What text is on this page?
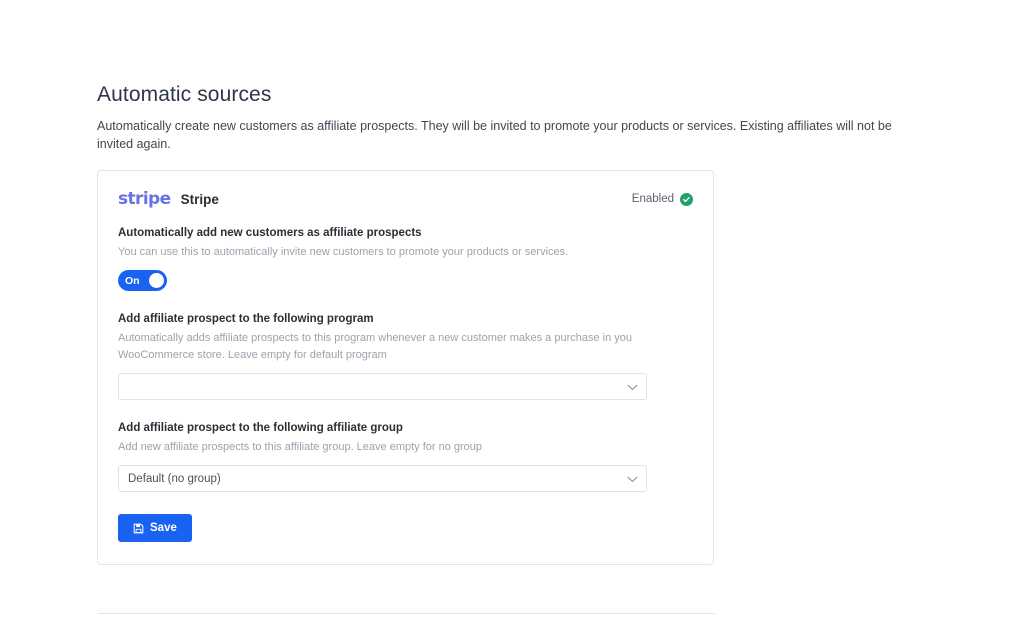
Automatic sources

Automatically create new customers as affiliate prospects. They will be invited to promote your products or services. Existing affiliates will not be invited again.

stripe Stripe	Enabled

Automatically add new customers as affiliate prospects

You can use this to automatically invite new customers to promote your products or services.

On

Add affiliate prospect to the following program

Automatically adds affiliate prospects to this program whenever a new customer makes a purchase in you WooCommerce store. Leave empty for default program

Add affiliate prospect to the following affiliate group

Add new affiliate prospects to this affiliate group. Leave empty for no group

Default (no group)
Save
